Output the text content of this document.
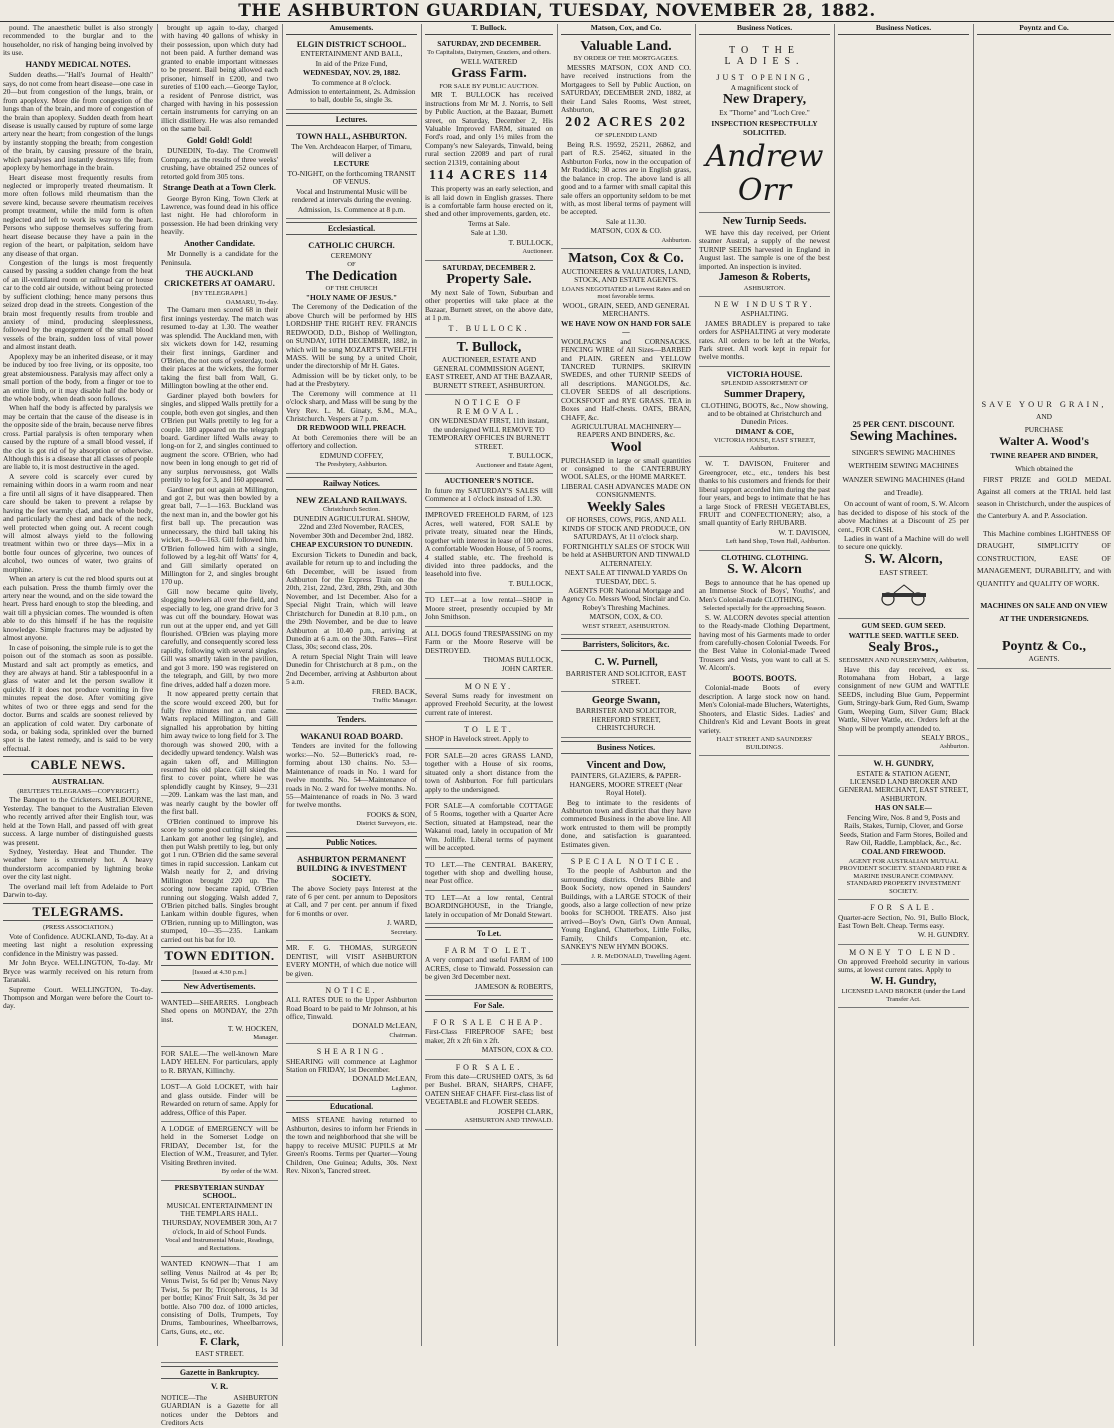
THE ASHBURTON GUARDIAN, TUESDAY, NOVEMBER 28, 1882.

pound. The anaesthetic bullet is also strongly recommended to the burglar and to the householder, no risk of hanging being involved by its use.

HANDY MEDICAL NOTES.

Sudden deaths.—"Hall's Journal of Health" says, do not come from heart disease—one case in 20—but from congestion of the lungs, brain, or from apoplexy. More die from congestion of the lungs than of the brain, and more of congestion of the brain than apoplexy. Sudden death from heart disease is usually caused by rupture of some large artery near the heart; from congestion of the lungs by instantly stopping the breath; from congestion of the brain, by causing pressure of the brain, which paralyses and instantly destroys life; from apoplexy by hemorrhage in the brain.

Heart disease most frequently results from neglected or improperly treated rheumatism. It more often follows mild rheumatism than the severe kind, because severe rheumatism receives prompt treatment, while the mild form is often neglected and left to work its way to the heart. Persons who suppose themselves suffering from heart disease because they have a pain in the region of the heart, or palpitation, seldom have any disease of that organ.

Congestion of the lungs is most frequently caused by passing a sudden change from the heat of an ill-ventilated room or railroad car or house car to the cold air outside, without being protected by sufficient clothing; hence many persons thus seized drop dead in the streets. Congestion of the brain most frequently results from trouble and anxiety of mind, producing sleeplessness, followed by the engorgement of the small blood vessels of the brain, sudden loss of vital power and almost instant death.

Apoplexy may be an inherited disease, or it may be induced by too free living, or its opposite, too great abstemiousness. Paralysis may affect only a small portion of the body, from a finger or toe to an entire limb, or it may disable half the body or the whole body, when death soon follows.

When half the body is affected by paralysis we may be certain that the cause of the disease is in the opposite side of the brain, because nerve fibres cross. Partial paralysis is often temporary when caused by the rupture of a small blood vessel, if the clot is got rid of by absorption or otherwise. Although this is a disease that all classes of people are liable to, it is most destructive in the aged.

A severe cold is scarcely ever cured by remaining within doors in a warm room and near a fire until all signs of it have disappeared. Then care should be taken to prevent a relapse by having the feet warmly clad, and the whole body, and particularly the chest and back of the neck, well protected when going out. A recent cough will almost always yield to the following treatment within two or three days—Mix in a bottle four ounces of glycerine, two ounces of alcohol, two ounces of water, two grains of morphine.

When an artery is cut the red blood spurts out at each pulsation. Press the thumb firmly over the artery near the wound, and on the side toward the heart. Press hard enough to stop the bleeding, and wait till a physician comes. The wounded is often able to do this himself if he has the requisite knowledge. Simple fractures may be adjusted by almost anyone.

In case of poisoning, the simple rule is to get the poison out of the stomach as soon as possible. Mustard and salt act promptly as emetics, and they are always at hand. Stir a tablespoonful in a glass of water and let the person swallow it quickly. If it does not produce vomiting in five minutes repeat the dose. After vomiting give whites of two or three eggs and send for the doctor. Burns and scalds are soonest relieved by an application of cold water. Dry carbonate of soda, or baking soda, sprinkled over the burned spot is the latest remedy, and is said to be very effectual.

CABLE NEWS.

AUSTRALIAN.

(REUTER'S TELEGRAMS—COPYRIGHT.)

The Banquet to the Cricketers. MELBOURNE, Yesterday. The banquet to the Australian Eleven who recently arrived after their English tour, was held at the Town Hall, and passed off with great success. A large number of distinguished guests was present.

Sydney, Yesterday. Heat and Thunder. The weather here is extremely hot. A heavy thunderstorm accompanied by lightning broke over the city last night.

The overland mail left from Adelaide to Port Darwin to-day.

TELEGRAMS.

(PRESS ASSOCIATION.)

Vote of Confidence. AUCKLAND, To-day. At a meeting last night a resolution expressing confidence in the Ministry was passed.

Mr John Bryce. WELLINGTON, To-day. Mr Bryce was warmly received on his return from Taranaki.

Supreme Court. WELLINGTON, To-day. Thompson and Morgan were before the Court to-day.

brought up again to-day, charged with having 40 gallons of whisky in their possession, upon which duty had not been paid. A further demand was granted to enable important witnesses to be present. Bail being allowed each prisoner, himself in £200, and two sureties of £100 each.—George Taylor, a resident of Penrose district, was charged with having in his possession certain instruments for carrying on an illicit distillery. He was also remanded on the same bail.

Gold! Gold! Gold!

DUNEDIN, To-day. The Cromwell Company, as the results of three weeks' crushing, have obtained 252 ounces of retorted gold from 305 tons.

Strange Death at a Town Clerk.

George Byron King, Town Clerk at Lawrence, was found dead in his office last night. He had chloroform in possession. He had been drinking very heavily.

Another Candidate.

Mr Donnelly is a candidate for the Peninsula.

THE AUCKLAND CRICKETERS AT OAMARU.

[BY TELEGRAPH.]

OAMARU, To-day.

The Oamaru men scored 68 in their first innings yesterday. The match was resumed to-day at 1.30. The weather was splendid. The Auckland men, with six wickets down for 142, resuming their first innings, Gardiner and O'Brien, the not outs of yesterday, took their places at the wickets, the former taking the first ball from Wall, G. Millington bowling at the other end.

Gardiner played both bowlers for singles, and slipped Walls prettily for a couple, both even got singles, and then O'Brien put Walls prettily to leg for a couple. 180 appeared on the telegraph board. Gardiner lifted Walls away to long-on for 2, and singles continued to augment the score. O'Brien, who had now been in long enough to get rid of any surplus nervousness, got Walls prettily to leg for 3, and 160 appeared.

Gardiner put out again at Millington, and got 2, but was then bowled by a great ball, 7—1—163. Buckland was the next man in, and the bowler got his first ball up. The precaution was unnecessary, the third ball taking his wicket, 8—0—163. Gill followed him. O'Brien followed him with a single, followed by a leg-hit off Watts' for 4, and Gill similarly operated on Millington for 2, and singles brought 170 up.

Gill now became quite lively, slogging bowlers all over the field, and especially to leg, one grand drive for 3 was cut off the boundary. Howat was run out at the upper end, and yet Gill flourished. O'Brien was playing more carefully, and consequently scored less rapidly, following with several singles. Gill was smartly taken in the pavilion, and got 3 more. 190 was registered on the telegraph, and Gill, by two more fine drives, added half a dozen more.

It now appeared pretty certain that the score would exceed 200, but for fully five minutes not a run came. Watts replaced Millington, and Gill signalled his approbation by hitting him away twice to long field for 3. The thorough was showed 200, with a decidedly upward tendency. Walsh was again taken off, and Millington resumed his old place. Gill skied the first to cover point, where he was splendidly caught by Kinsey, 9—231—209. Lankam was the last man, and was nearly caught by the bowler off the first ball.

O'Brien continued to improve his score by some good cutting for singles. Lankam got another leg (single), and then put Walsh prettily to leg, but only got 1 run. O'Brien did the same several times in rapid succession. Lankam cut Walsh neatly for 2, and driving Millington brought 220 up. The scoring now became rapid, O'Brien running out slogging. Walsh added 7, O'Brien pitched balls. Singles brought Lankam within double figures, when O'Brien, running up to Millington, was stumped, 10—35—235. Lankam carried out his bat for 10.

TOWN EDITION.

[Issued at 4.30 p.m.]

New Advertisements.

WANTED—SHEARERS. Longbeach Shed opens on MONDAY, the 27th inst.

T. W. HOCKEN,

Manager.

FOR SALE.—The well-known Mare LADY HELEN. For particulars, apply to R. BRYAN, Killinchy.

LOST—A Gold LOCKET, with hair and glass outside. Finder will be Rewarded on return of same. Apply for address, Office of this Paper.

A LODGE of EMERGENCY will be held in the Somerset Lodge on FRIDAY, December 1st, for the Election of W.M., Treasurer, and Tyler. Visiting Brethren invited.

By order of the W.M.

PRESBYTERIAN SUNDAY SCHOOL.

MUSICAL ENTERTAINMENT IN THE TEMPLARS HALL.

THURSDAY, NOVEMBER 30th, At 7 o'clock, In aid of School Funds.

Vocal and Instrumental Music, Readings, and Recitations.

WANTED KNOWN—That I am selling Venus Nailrod at 4s per lb; Venus Twist, 5s 6d per lb; Venus Navy Twist, 5s per lb; Tricopherous, 1s 3d per bottle; Kinos' Fruit Salt, 3s 3d per bottle. Also 700 doz. of 1000 articles, consisting of Dolls, Trumpets, Toy Drums, Tambourines, Wheelbarrows, Carts, Guns, etc., etc.

F. Clark,

EAST STREET.

Gazette in Bankruptcy.

V. R.

NOTICE—The ASHBURTON GUARDIAN is a Gazette for all notices under the Debtors and Creditors Acts

Amusements.

ELGIN DISTRICT SCHOOL.

ENTERTAINMENT AND BALL,

In aid of the Prize Fund,

WEDNESDAY, NOV. 29, 1882.

To commence at 8 o'clock.

Admission to entertainment, 2s. Admission to ball, double 5s, single 3s.

Lectures.

TOWN HALL, ASHBURTON.

The Ven. Archdeacon Harper, of Timaru, will deliver a

LECTURE

TO-NIGHT, on the forthcoming TRANSIT OF VENUS.

Vocal and Instrumental Music will be rendered at intervals during the evening.

Admission, 1s. Commence at 8 p.m.

Ecclesiastical.

CATHOLIC CHURCH.

CEREMONY

OF

The Dedication

OF THE CHURCH

"HOLY NAME OF JESUS."

The Ceremony of the Dedication of the above Church will be performed by HIS LORDSHIP THE RIGHT REV. FRANCIS REDWOOD, D.D., Bishop of Wellington, on SUNDAY, 10TH DECEMBER, 1882, in which will be sung MOZART'S TWELFTH MASS. Will be sung by a united Choir, under the directorship of Mr H. Gates.

Admission will be by ticket only, to be had at the Presbytery.

The Ceremony will commence at 11 o'clock sharp, and Mass will be sung by the Very Rev. L. M. Ginaty, S.M., M.A., Christchurch. Vespers at 7 p.m.

DR REDWOOD WILL PREACH.

At both Ceremonies there will be an offertory and collection.

EDMUND COFFEY,

The Presbytery, Ashburton.

Railway Notices.

NEW ZEALAND RAILWAYS.

Christchurch Section.

DUNEDIN AGRICULTURAL SHOW, 22nd and 23rd November, RACES, November 30th and December 2nd, 1882.

CHEAP EXCURSION TO DUNEDIN.

Excursion Tickets to Dunedin and back, available for return up to and including the 6th December, will be issued from Ashburton for the Express Train on the 20th, 21st, 22nd, 23rd, 28th, 29th, and 30th November, and 1st December. Also for a Special Night Train, which will leave Christchurch for Dunedin at 8.10 p.m., on the 29th November, and be due to leave Ashburton at 10.40 p.m., arriving at Dunedin at 6 a.m. on the 30th. Fares—First Class, 30s; second class, 20s.

A return Special Night Train will leave Dunedin for Christchurch at 8 p.m., on the 2nd December, arriving at Ashburton about 5 a.m.

FRED. BACK,

Traffic Manager.

Tenders.

WAKANUI ROAD BOARD.

Tenders are invited for the following works:—No. 52—Butterick's road, re-forming about 130 chains. No. 53—Maintenance of roads in No. 1 ward for twelve months. No. 54—Maintenance of roads in No. 2 ward for twelve months. No. 55—Maintenance of roads in No. 3 ward for twelve months.

FOOKS & SON,

District Surveyors, etc.

Public Notices.

ASHBURTON PERMANENT BUILDING & INVESTMENT SOCIETY.

The above Society pays Interest at the rate of 6 per cent. per annum to Depositors at Call, and 7 per cent. per annum if fixed for 6 months or over.

J. WARD,

Secretary.

MR. F. G. THOMAS, SURGEON DENTIST, will VISIT ASHBURTON EVERY MONTH, of which due notice will be given.

NOTICE.

ALL RATES DUE to the Upper Ashburton Road Board to be paid to Mr Johnson, at his office, Tinwald.

DONALD McLEAN,

Chairman.

SHEARING.

SHEARING will commence at Laghmor Station on FRIDAY, 1st December.

DONALD McLEAN,

Laghmor.

Educational.

MISS STEANE having returned to Ashburton, desires to inform her Friends in the town and neighborhood that she will be happy to receive MUSIC PUPILS at Mr Green's Rooms. Terms per Quarter—Young Children, One Guinea; Adults, 30s. Next Rev. Nixon's, Tancred street.

T. Bullock.

SATURDAY, 2ND DECEMBER.

To Capitalists, Dairymen, Graziers, and others.

WELL WATERED

Grass Farm.

FOR SALE BY PUBLIC AUCTION.

MR T. BULLOCK has received instructions from Mr M. J. Norris, to Sell by Public Auction, at the Bazaar, Burnett street, on Saturday, December 2, His Valuable Improved FARM, situated on Ford's road, and only 1½ miles from the Company's new Saleyards, Tinwald, being rural section 22089 and part of rural section 21319, containing about

114 ACRES 114

This property was an early selection, and is all laid down in English grasses. There is a comfortable farm house erected on it, shed and other improvements, garden, etc.

Terms at Sale.

Sale at 1.30.

T. BULLOCK,

Auctioneer.

SATURDAY, DECEMBER 2.

Property Sale.

My next Sale of Town, Suburban and other properties will take place at the Bazaar, Burnett street, on the above date, at 1 p.m.

T. BULLOCK.

T. Bullock,

AUCTIONEER, ESTATE AND GENERAL COMMISSION AGENT, EAST STREET, AND AT THE BAZAAR, BURNETT STREET, ASHBURTON.

NOTICE OF REMOVAL.

ON WEDNESDAY FIRST, 11th instant, the undersigned WILL REMOVE TO TEMPORARY OFFICES IN BURNETT STREET.

T. BULLOCK,

Auctioneer and Estate Agent,

AUCTIONEER'S NOTICE.

In future my SATURDAY'S SALES will Commence at 1 o'clock instead of 1.30.

IMPROVED FREEHOLD FARM, of 123 Acres, well watered, FOR SALE by private treaty, situated near the Hinds, together with interest in lease of 100 acres. A comfortable Wooden House, of 5 rooms, 4 stalled stable, etc. The freehold is divided into three paddocks, and the leasehold into five.

T. BULLOCK,

TO LET—at a low rental—SHOP in Moore street, presently occupied by Mr John Smithson.

ALL DOGS found TRESPASSING on my Farm or the Moore Reserve will be DESTROYED.

THOMAS BULLOCK,

JOHN CARTER.

MONEY.

Several Sums ready for investment on approved Freehold Security, at the lowest current rate of interest.

TO LET.

SHOP in Havelock street. Apply to

FOR SALE—20 acres GRASS LAND, together with a House of six rooms, situated only a short distance from the town of Ashburton. For full particulars apply to the undersigned.

FOR SALE—A comfortable COTTAGE of 5 Rooms, together with a Quarter Acre Section, situated at Hampstead, near the Wakanui road, lately in occupation of Mr Wm. Jolliffe. Liberal terms of payment will be accepted.

TO LET.—The CENTRAL BAKERY, together with shop and dwelling house, near Post office.

TO LET—At a low rental, Central BOARDINGHOUSE, in the Triangle, lately in occupation of Mr Donald Stewart.

To Let.

FARM TO LET.

A very compact and useful FARM of 100 ACRES, close to Tinwald. Possession can be given 3rd December next.

JAMESON & ROBERTS,

For Sale.

FOR SALE CHEAP.

First-Class FIREPROOF SAFE; best maker, 2ft x 2ft 6in x 2ft.

MATSON, COX & CO.

FOR SALE.

From this date—CRUSHED OATS, 3s 6d per Bushel. BRAN, SHARPS, CHAFF, OATEN SHEAF CHAFF. First-class list of VEGETABLE and FLOWER SEEDS.

JOSEPH CLARK,

ASHBURTON AND TINWALD.

Matson, Cox, and Co.

Valuable Land.

BY ORDER OF THE MORTGAGEES.

MESSRS MATSON, COX AND CO. have received instructions from the Mortgagees to Sell by Public Auction, on SATURDAY, DECEMBER 2ND, 1882, at their Land Sales Rooms, West street, Ashburton,

202 ACRES 202

OF SPLENDID LAND

Being R.S. 19592, 25211, 26862, and part of R.S. 25462, situated in the Ashburton Forks, now in the occupation of Mr Ruddick; 30 acres are in English grass, the balance in crop. The above land is all good and to a farmer with small capital this sale offers an opportunity seldom to be met with, as most liberal terms of payment will be accepted.

Sale at 11.30.

MATSON, COX & CO.

Ashburton.

Matson, Cox & Co.

AUCTIONEERS & VALUATORS, LAND, STOCK, AND ESTATE AGENTS.

LOANS NEGOTIATED at Lowest Rates and on most favorable terms.

WOOL, GRAIN, SEED, AND GENERAL MERCHANTS.

WE HAVE NOW ON HAND FOR SALE—

WOOLPACKS and CORNSACKS. FENCING WIRE of All Sizes—BARBED and PLAIN. GREEN and YELLOW TANCRED TURNIPS. SKIRVIN SWEDES, and other TURNIP SEEDS of all descriptions. MANGOLDS, &c. CLOVER SEEDS of all descriptions. COCKSFOOT and RYE GRASS. TEA in Boxes and Half-chests. OATS, BRAN, CHAFF, &c.

AGRICULTURAL MACHINERY—REAPERS AND BINDERS, &c.

Wool

PURCHASED in large or small quantities or consigned to the CANTERBURY WOOL SALES, or the HOME MARKET.

LIBERAL CASH ADVANCES MADE ON CONSIGNMENTS.

Weekly Sales

OF HORSES, COWS, PIGS, AND ALL KINDS OF STOCK AND PRODUCE, ON SATURDAYS, At 11 o'clock sharp.

FORTNIGHTLY SALES OF STOCK Will be held at ASHBURTON AND TINWALD ALTERNATELY.

NEXT SALE AT TINWALD YARDS On TUESDAY, DEC. 5.

AGENTS FOR National Mortgage and Agency Co. Messrs Wood, Sinclair and Co. Robey's Threshing Machines.

MATSON, COX, & CO.

WEST STREET, ASHBURTON.

Barristers, Solicitors, &c.

C. W. Purnell,

BARRISTER AND SOLICITOR, EAST STREET.

George Swann,

BARRISTER AND SOLICITOR, HEREFORD STREET, CHRISTCHURCH.

Business Notices.

Vincent and Dow,

PAINTERS, GLAZIERS, & PAPER-HANGERS, MOORE STREET (Near Royal Hotel).

Beg to intimate to the residents of Ashburton town and district that they have commenced Business in the above line. All work entrusted to them will be promptly done, and satisfaction is guaranteed. Estimates given.

SPECIAL NOTICE.

To the people of Ashburton and the surrounding districts. Orders Bible and Book Society, now opened in Saunders' Buildings, with a LARGE STOCK of their goods, also a large collection of new prize books for SCHOOL TREATS. Also just arrived—Boy's Own, Girl's Own Annual, Young England, Chatterbox, Little Folks, Family, Child's Companion, etc. SANKEY'S NEW HYMN BOOKS.

J. R. McDONALD, Travelling Agent.

Business Notices.

TO THE LADIES.

JUST OPENING,

A magnificent stock of

New Drapery,

Ex "Thorne" and "Loch Cree."

INSPECTION RESPECTFULLY SOLICITED.

Andrew Orr

New Turnip Seeds.

WE have this day received, per Orient steamer Austral, a supply of the newest TURNIP SEEDS harvested in England in August last. The sample is one of the best imported. An inspection is invited.

Jameson & Roberts,

ASHBURTON.

NEW INDUSTRY.

ASPHALTING.

JAMES BRADLEY is prepared to take orders for ASPHALTING at very moderate rates. All orders to be left at the Works, Park street. All work kept in repair for twelve months.

VICTORIA HOUSE.

SPLENDID ASSORTMENT OF

Summer Drapery,

CLOTHING, BOOTS, &c., Now showing, and to be obtained at Christchurch and Dunedin Prices.

DIMANT & COE,

VICTORIA HOUSE, EAST STREET, Ashburton.

W. T. DAVISON, Fruiterer and Greengrocer, etc., etc., tenders his best thanks to his customers and friends for their liberal support accorded him during the past four years, and begs to intimate that he has a large Stock of FRESH VEGETABLES, FRUIT and CONFECTIONERY; also, a small quantity of Early RHUBARB.

W. T. DAVISON,

Left hand Shop, Town Hall, Ashburton.

CLOTHING. CLOTHING.

S. W. Alcorn

Begs to announce that he has opened up an Immense Stock of Boys', Youths', and Men's Colonial-made CLOTHING,

Selected specially for the approaching Season.

S. W. ALCORN devotes special attention to the Ready-made Clothing Department, having most of his Garments made to order from carefully-chosen Colonial Tweeds. For the Best Value in Colonial-made Tweed Trousers and Vests, you want to call at S. W. Alcorn's.

BOOTS. BOOTS.

Colonial-made Boots of every description. A large stock now on hand. Men's Colonial-made Bluchers, Watertights, Shooters, and Elastic Sides. Ladies' and Children's Kid and Levant Boots in great variety.

HALT STREET AND SAUNDERS' BUILDINGS.

Business Notices.

25 PER CENT. DISCOUNT.

Sewing Machines.

SINGER'S SEWING MACHINES WERTHEIM SEWING MACHINES WANZER SEWING MACHINES (Hand and Treadle).

On account of want of room, S. W. Alcorn has decided to dispose of his stock of the above Machines at a Discount of 25 per cent., FOR CASH.

Ladies in want of a Machine will do well to secure one quickly.

S. W. Alcorn,

EAST STREET.

GUM SEED. GUM SEED.

WATTLE SEED. WATTLE SEED.

Sealy Bros.,

SEEDSMEN AND NURSERYMEN, Ashburton,

Have this day received, ex ss. Rotomahana from Hobart, a large consignment of new GUM and WATTLE SEEDS, including Blue Gum, Peppermint Gum, Stringy-bark Gum, Red Gum, Swamp Gum, Weeping Gum, Silver Gum; Black Wattle, Silver Wattle, etc. Orders left at the Shop will be promptly attended to.

SEALY BROS.,

Ashburton.

W. H. GUNDRY,

ESTATE & STATION AGENT, LICENSED LAND BROKER AND GENERAL MERCHANT, EAST STREET, ASHBURTON.

HAS ON SALE—

Fencing Wire, Nos. 8 and 9, Posts and Rails, Stakes, Turnip, Clover, and Gorse Seeds, Station and Farm Stores, Boiled and Raw Oil, Raddle, Lampblack, &c., &c.

COAL AND FIREWOOD.

AGENT FOR AUSTRALIAN MUTUAL PROVIDENT SOCIETY. STANDARD FIRE & MARINE INSURANCE COMPANY. STANDARD PROPERTY INVESTMENT SOCIETY.

FOR SALE.

Quarter-acre Section, No. 91, Bullo Block, East Town Belt. Cheap. Terms easy.

W. H. GUNDRY.

MONEY TO LEND.

On approved Freehold security in various sums, at lowest current rates. Apply to

W. H. Gundry,

LICENSED LAND BROKER (under the Land Transfer Act.

Poyntz and Co.

SAVE YOUR GRAIN,

AND

PURCHASE

Walter A. Wood's

TWINE REAPER AND BINDER,

Which obtained the

FIRST PRIZE and GOLD MEDAL Against all comers at the TRIAL held last season in Christchurch, under the auspices of the Canterbury A. and P. Association.

This Machine combines LIGHTNESS OF DRAUGHT, SIMPLICITY OF CONSTRUCTION, EASE OF MANAGEMENT, DURABILITY, and with QUANTITY and QUALITY OF WORK.

MACHINES ON SALE AND ON VIEW AT THE UNDERSIGNEDS.

Poyntz & Co.,

AGENTS.
